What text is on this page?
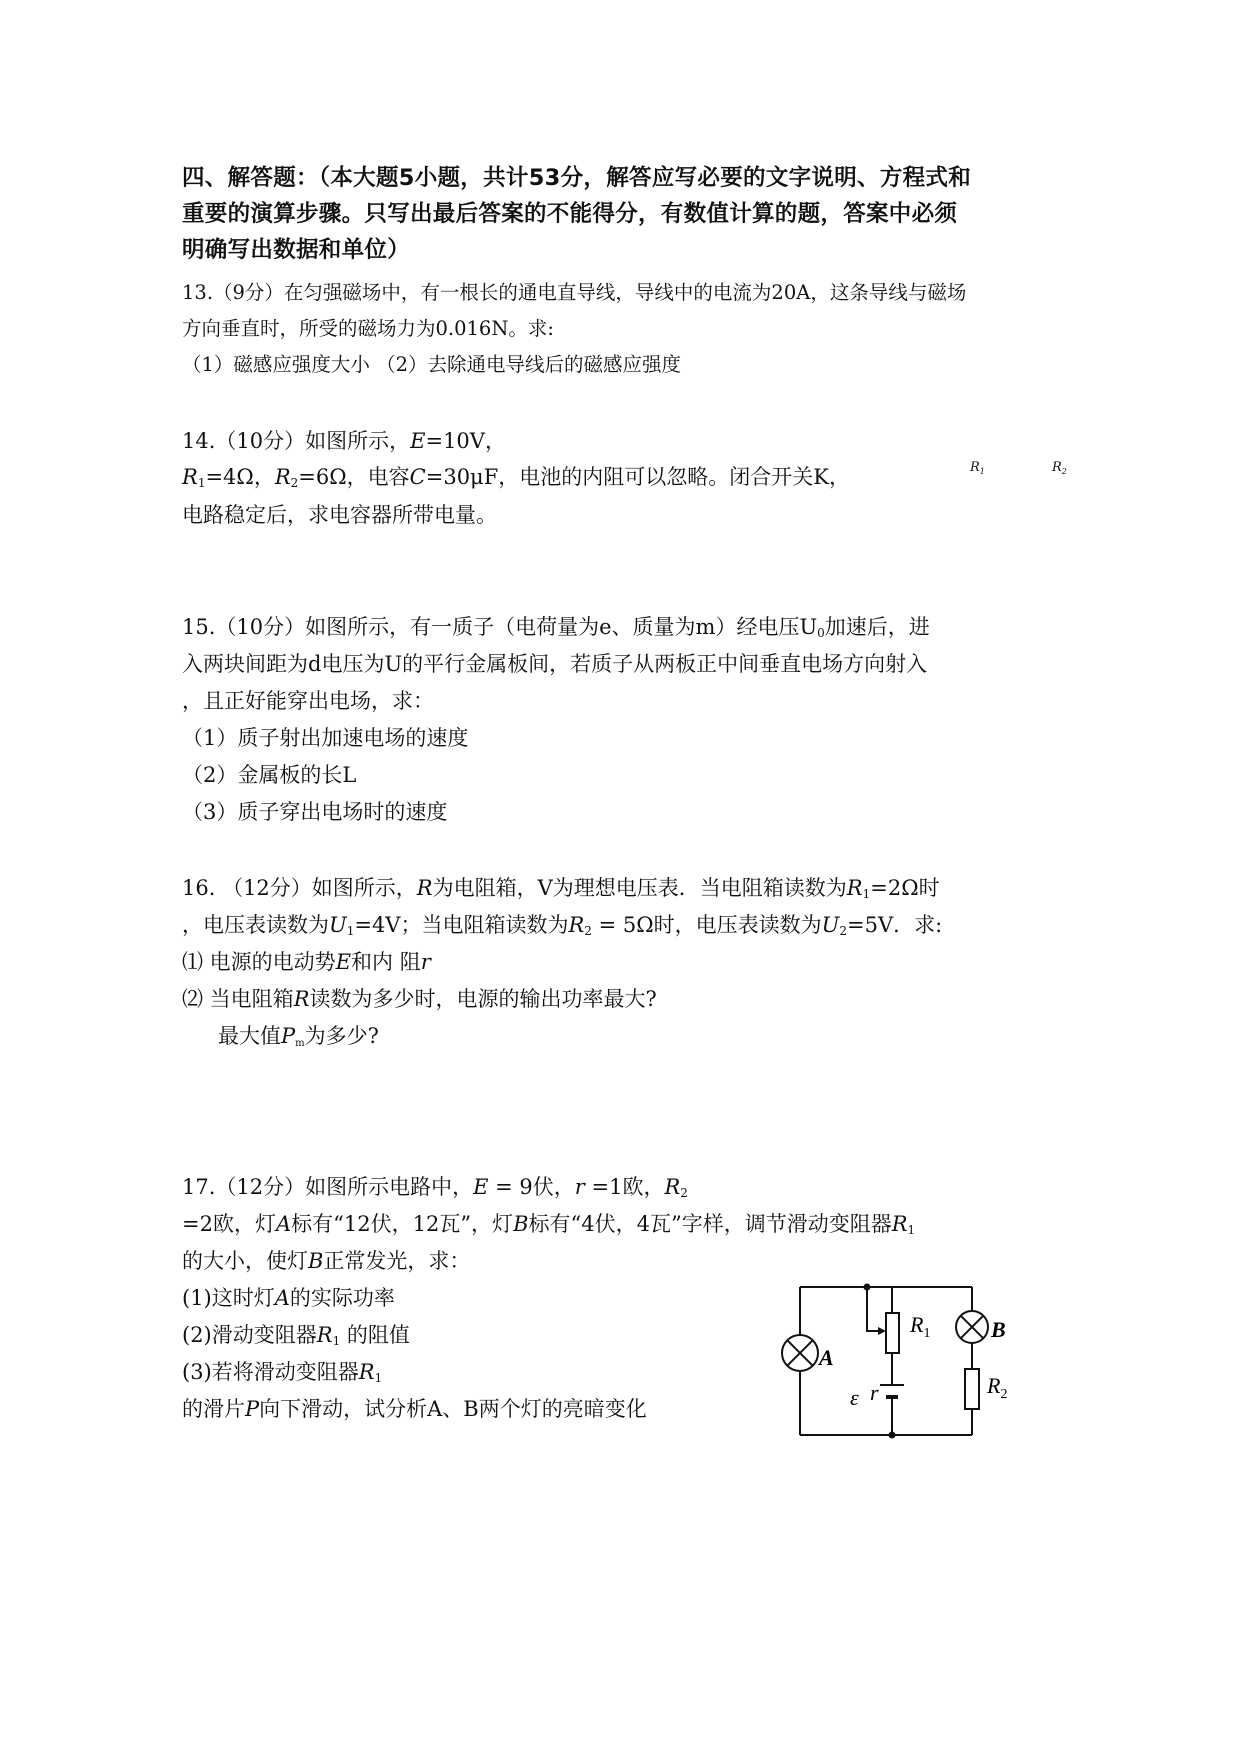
四、解答题：（本大题5小题，共计53分，解答应写必要的文字说明、方程式和
重要的演算步骤。只写出最后答案的不能得分，有数值计算的题，答案中必须
明确写出数据和单位）
13.（9分）在匀强磁场中，有一根长的通电直导线，导线中的电流为20A，这条导线与磁场
方向垂直时，所受的磁场力为0.016N。求:
（1）磁感应强度大小 （2）去除通电导线后的磁感应强度
14.（10分）如图所示，E=10V，
$R_1=4\Omega$，$R_2=6\Omega$，电容C=30μF，电池的内阻可以忽略。闭合开关K，
电路稳定后，求电容器所带电量。
$R_1$	$R_2$
15.（10分）如图所示，有一质子（电荷量为e、质量为m）经电压$U_0$加速后，进
入两块间距为d电压为U的平行金属板间，若质子从两板正中间垂直电场方向射入
，且正好能穿出电场，求：
（1）质子射出加速电场的速度
（2）金属板的长L
（3）质子穿出电场时的速度
16. （12分）如图所示，R为电阻箱，V为理想电压表．当电阻箱读数为$R_1=2\Omega$时
，电压表读数为$U_1=4V$；当电阻箱读数为$R_2 = 5\Omega$时，电压表读数为$U_2=5V$．求:
⑴ 电源的电动势E和内 阻r
⑵ 当电阻箱R读数为多少时，电源的输出功率最大?
最大值$P_m$为多少?
17.（12分）如图所示电路中，E = 9伏，r =1欧，$R_2$
=2欧，灯A标有“12伏，12瓦”，灯B标有“4伏，4瓦”字样，调节滑动变阻器$R_1$
的大小，使灯B正常发光，求：
(1)这时灯A的实际功率
(2)滑动变阻器$R_1$ 的阻值
(3)若将滑动变阻器$R_1$
的滑片P向下滑动，试分析A、B两个灯的亮暗变化
$R_1$
$R_2$
A
B
ε r
